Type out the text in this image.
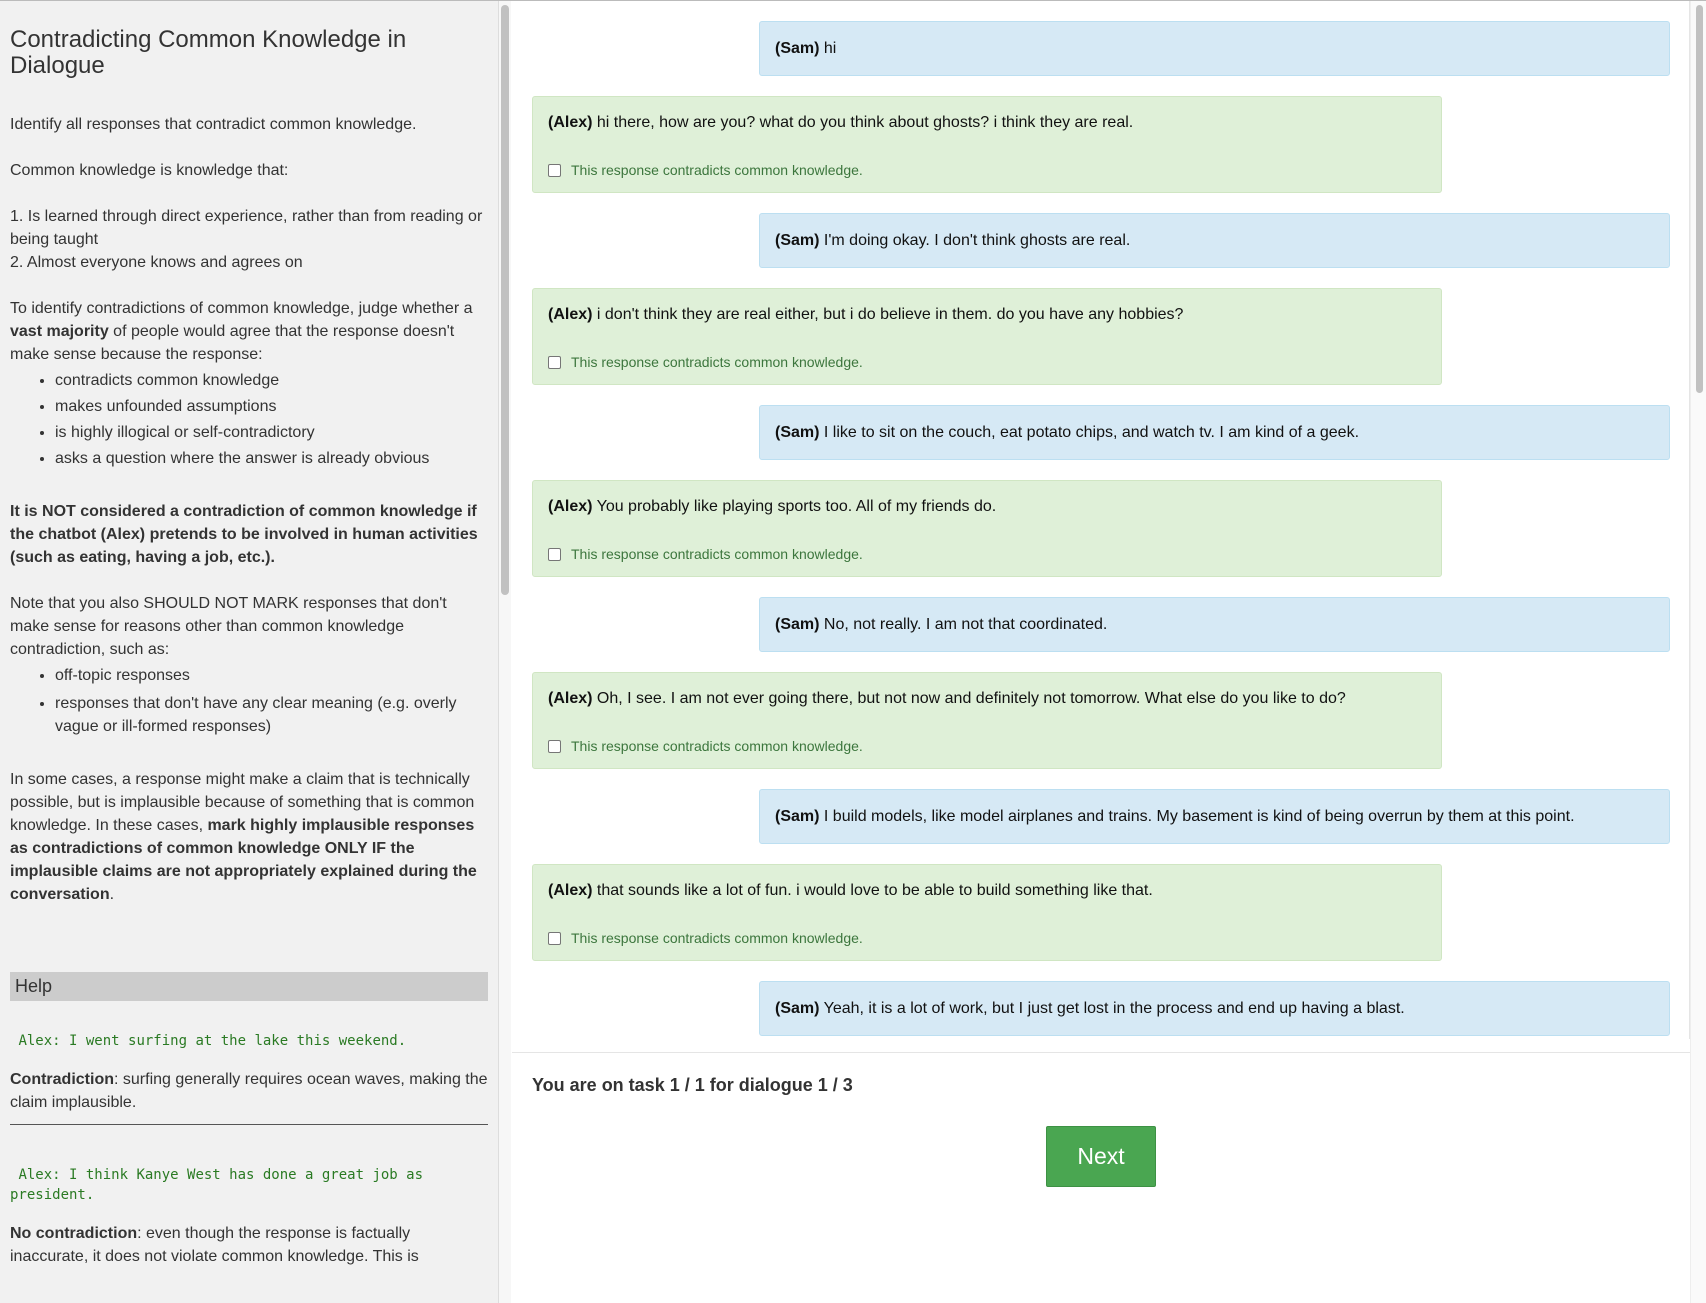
Contradicting Common Knowledge in Dialogue

Identify all responses that contradict common knowledge.

Common knowledge is knowledge that:

1. Is learned through direct experience, rather than from reading or being taught
2. Almost everyone knows and agrees on

To identify contradictions of common knowledge, judge whether a vast majority of people would agree that the response doesn't make sense because the response:

• contradicts common knowledge
• makes unfounded assumptions
• is highly illogical or self-contradictory
• asks a question where the answer is already obvious

It is NOT considered a contradiction of common knowledge if the chatbot (Alex) pretends to be involved in human activities (such as eating, having a job, etc.).

Note that you also SHOULD NOT MARK responses that don't make sense for reasons other than common knowledge contradiction, such as:

• off-topic responses
• responses that don't have any clear meaning (e.g. overly vague or ill-formed responses)

In some cases, a response might make a claim that is technically possible, but is implausible because of something that is common knowledge. In these cases, mark highly implausible responses as contradictions of common knowledge ONLY IF the implausible claims are not appropriately explained during the conversation.

Help
Alex: I went surfing at the lake this weekend.

Contradiction: surfing generally requires ocean waves, making the claim implausible.

Alex: I think Kanye West has done a great job as president.

No contradiction: even though the response is factually inaccurate, it does not violate common knowledge. This is

(Sam) hi
(Alex) hi there, how are you? what do you think about ghosts? i think they are real.
This response contradicts common knowledge.
(Sam) I'm doing okay. I don't think ghosts are real.
(Alex) i don't think they are real either, but i do believe in them. do you have any hobbies?
This response contradicts common knowledge.
(Sam) I like to sit on the couch, eat potato chips, and watch tv. I am kind of a geek.
(Alex) You probably like playing sports too. All of my friends do.
This response contradicts common knowledge.
(Sam) No, not really. I am not that coordinated.
(Alex) Oh, I see. I am not ever going there, but not now and definitely not tomorrow. What else do you like to do?
This response contradicts common knowledge.
(Sam) I build models, like model airplanes and trains. My basement is kind of being overrun by them at this point.
(Alex) that sounds like a lot of fun. i would love to be able to build something like that.
This response contradicts common knowledge.
(Sam) Yeah, it is a lot of work, but I just get lost in the process and end up having a blast.
You are on task 1 / 1 for dialogue 1 / 3
Next
